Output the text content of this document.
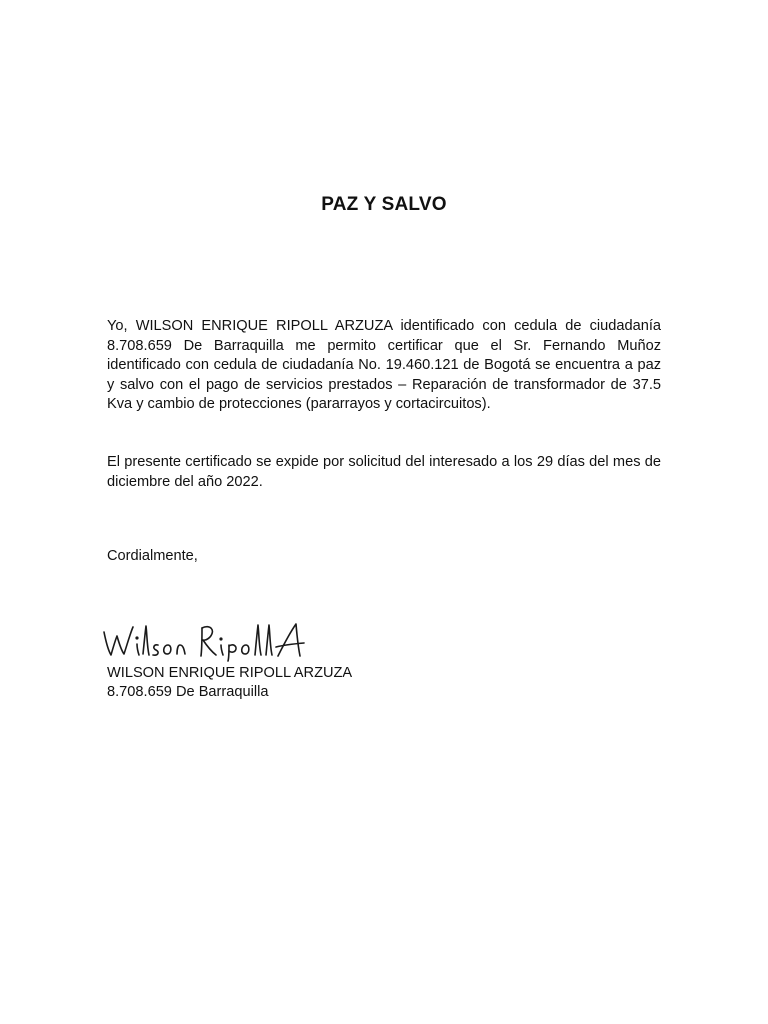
PAZ Y SALVO
Yo, WILSON ENRIQUE RIPOLL ARZUZA identificado con cedula de ciudadanía 8.708.659 De Barraquilla me permito certificar que el Sr. Fernando Muñoz identificado con cedula de ciudadanía No. 19.460.121 de Bogotá se encuentra a paz y salvo con el pago de servicios prestados – Reparación de transformador de 37.5 Kva y cambio de protecciones (pararrayos y cortacircuitos).
El presente certificado se expide por solicitud del interesado a los 29 días del mes de diciembre del año 2022.
Cordialmente,
WILSON ENRIQUE RIPOLL ARZUZA
8.708.659 De Barraquilla
